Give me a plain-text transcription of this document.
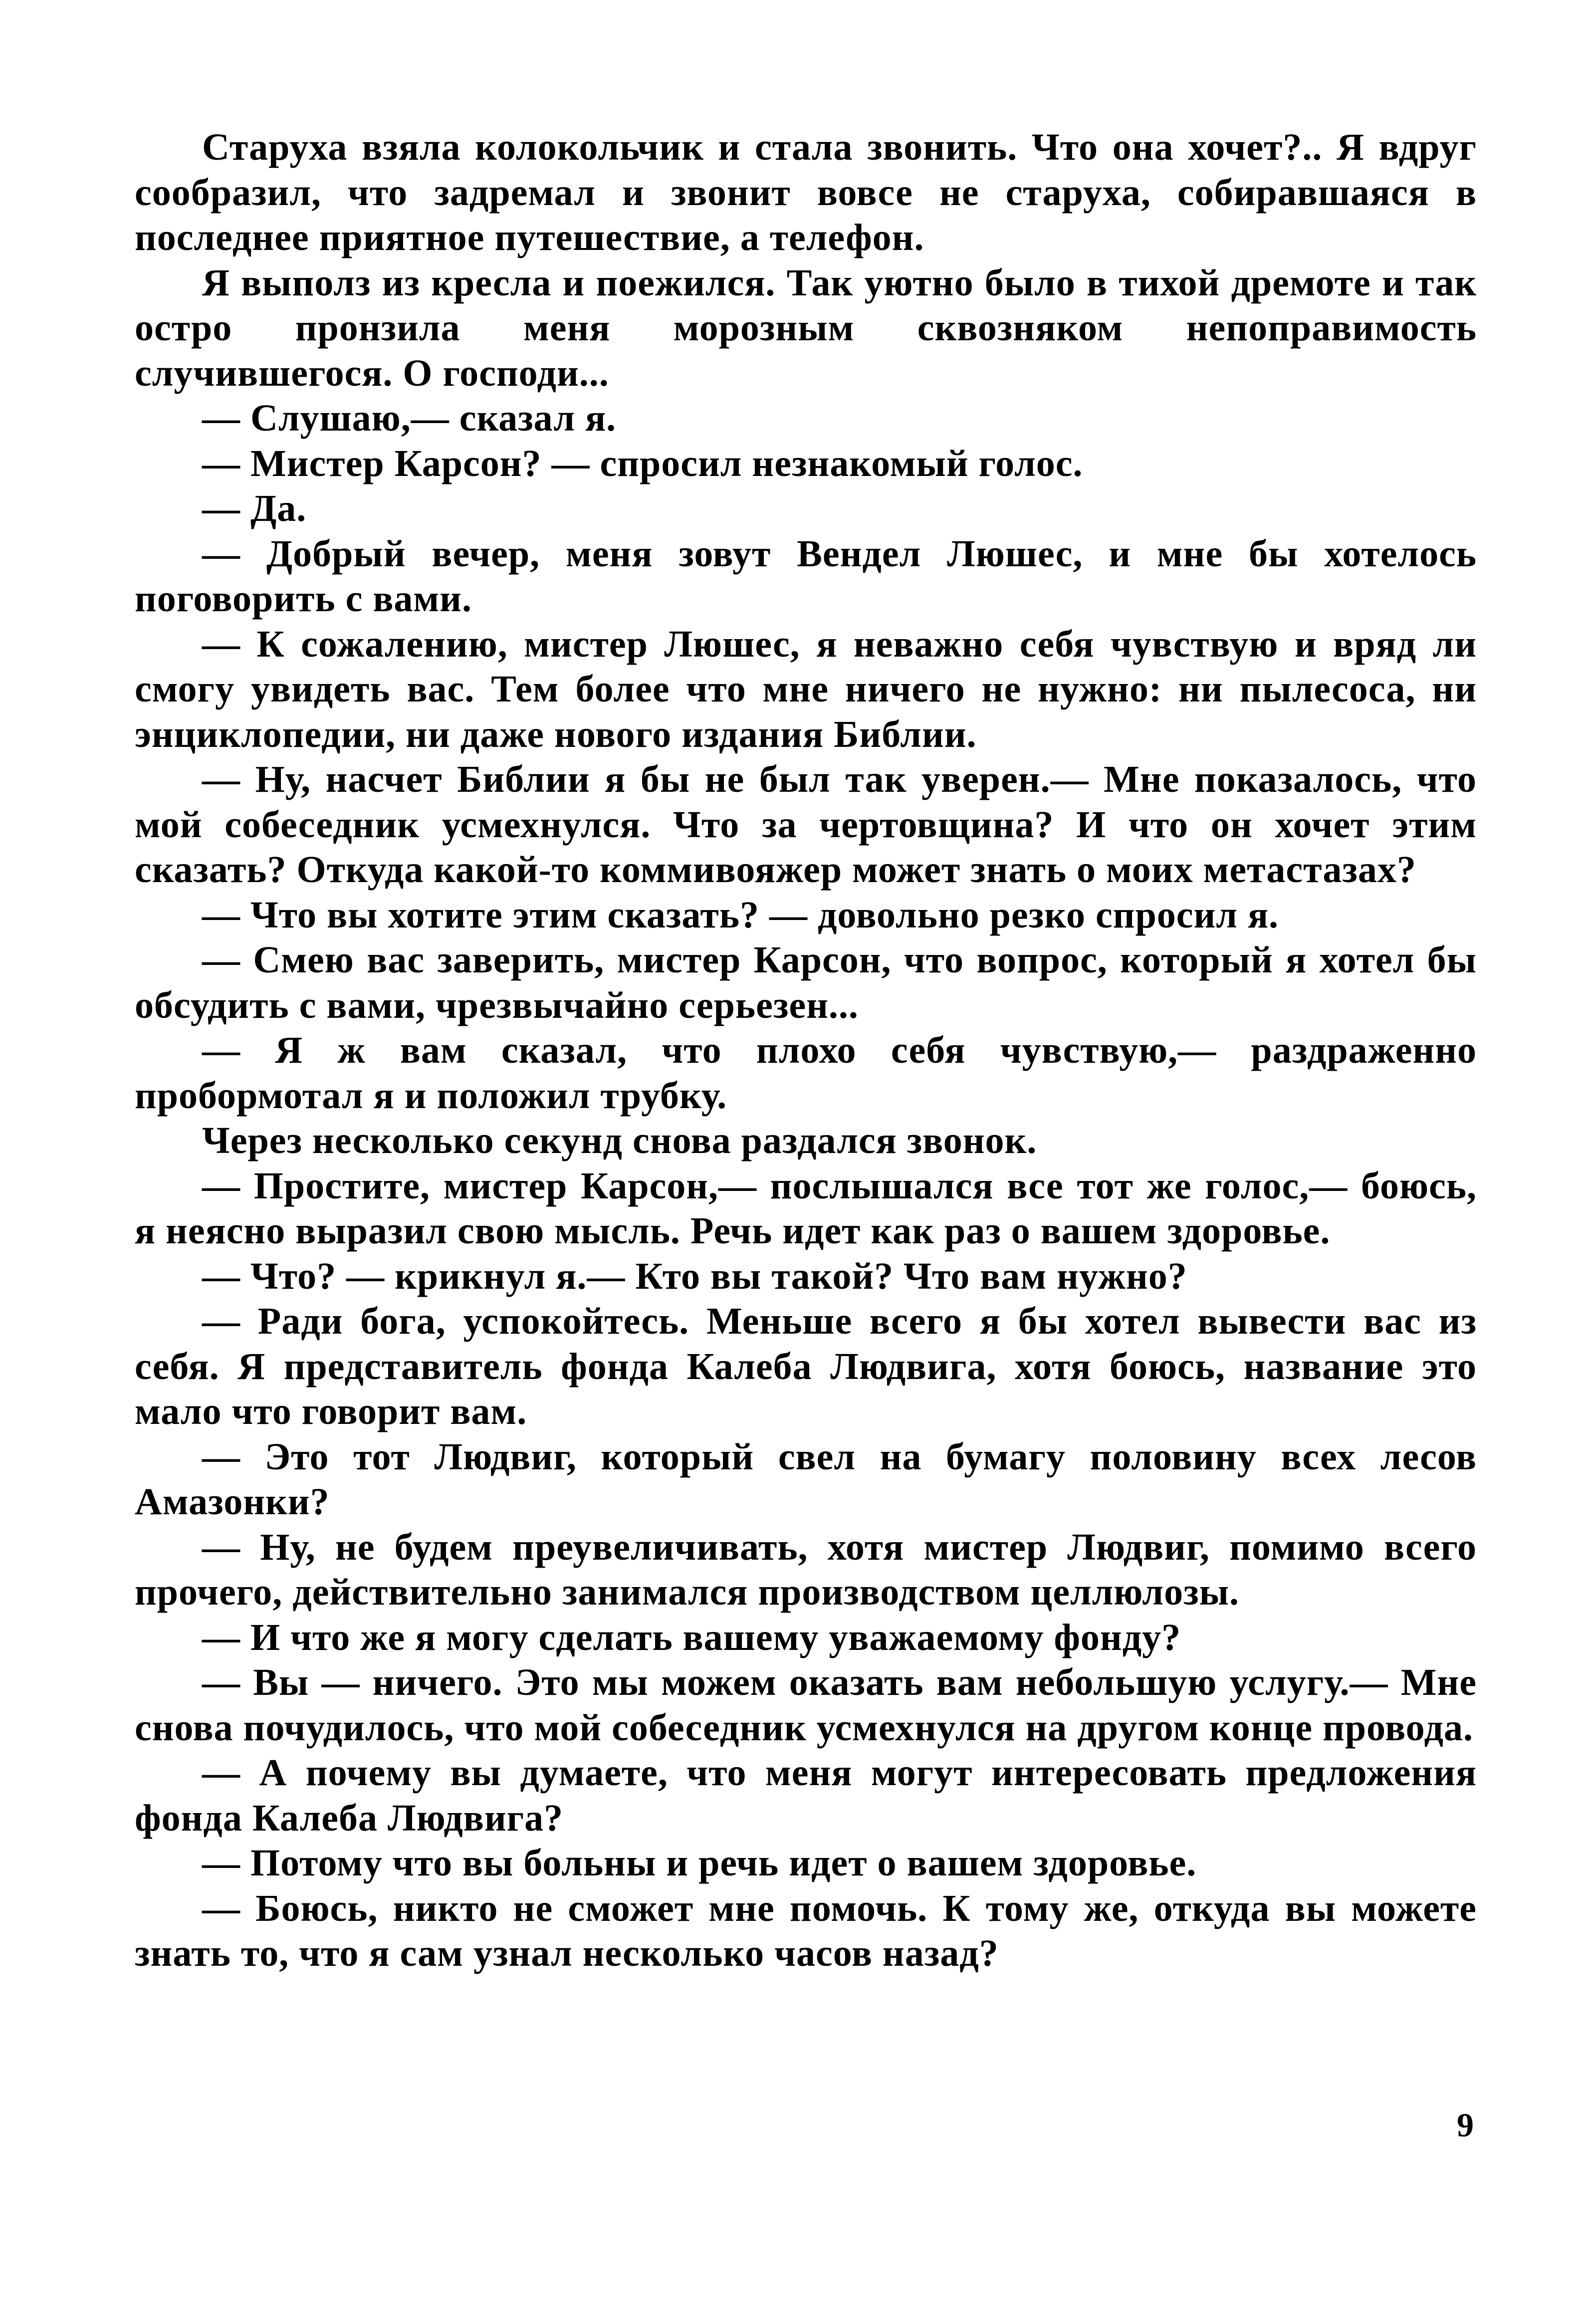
Старуха взяла колокольчик и стала звонить. Что она хочет?.. Я вдруг сообразил, что задремал и звонит вовсе не старуха, собиравшаяся в последнее приятное путешествие, а телефон.

Я выполз из кресла и поежился. Так уютно было в тихой дремоте и так остро пронзила меня морозным сквозняком непоправимость случившегося. О господи...

— Слушаю,— сказал я.

— Мистер Карсон? — спросил незнакомый голос.

— Да.

— Добрый вечер, меня зовут Вендел Люшес, и мне бы хотелось поговорить с вами.

— К сожалению, мистер Люшес, я неважно себя чувствую и вряд ли смогу увидеть вас. Тем более что мне ничего не нужно: ни пылесоса, ни энциклопедии, ни даже нового издания Библии.

— Ну, насчет Библии я бы не был так уверен.— Мне показалось, что мой собеседник усмехнулся. Что за чертовщина? И что он хочет этим сказать? Откуда какой-то коммивояжер может знать о моих метастазах?

— Что вы хотите этим сказать? — довольно резко спросил я.

— Смею вас заверить, мистер Карсон, что вопрос, который я хотел бы обсудить с вами, чрезвычайно серьезен...

— Я ж вам сказал, что плохо себя чувствую,— раздраженно пробормотал я и положил трубку.

Через несколько секунд снова раздался звонок.

— Простите, мистер Карсон,— послышался все тот же голос,— боюсь, я неясно выразил свою мысль. Речь идет как раз о вашем здоровье.

— Что? — крикнул я.— Кто вы такой? Что вам нужно?

— Ради бога, успокойтесь. Меньше всего я бы хотел вывести вас из себя. Я представитель фонда Калеба Людвига, хотя боюсь, название это мало что говорит вам.

— Это тот Людвиг, который свел на бумагу половину всех лесов Амазонки?

— Ну, не будем преувеличивать, хотя мистер Людвиг, помимо всего прочего, действительно занимался производством целлюлозы.

— И что же я могу сделать вашему уважаемому фонду?

— Вы — ничего. Это мы можем оказать вам небольшую услугу.— Мне снова почудилось, что мой собеседник усмехнулся на другом конце провода.

— А почему вы думаете, что меня могут интересовать предложения фонда Калеба Людвига?

— Потому что вы больны и речь идет о вашем здоровье.

— Боюсь, никто не сможет мне помочь. К тому же, откуда вы можете знать то, что я сам узнал несколько часов назад?

9
